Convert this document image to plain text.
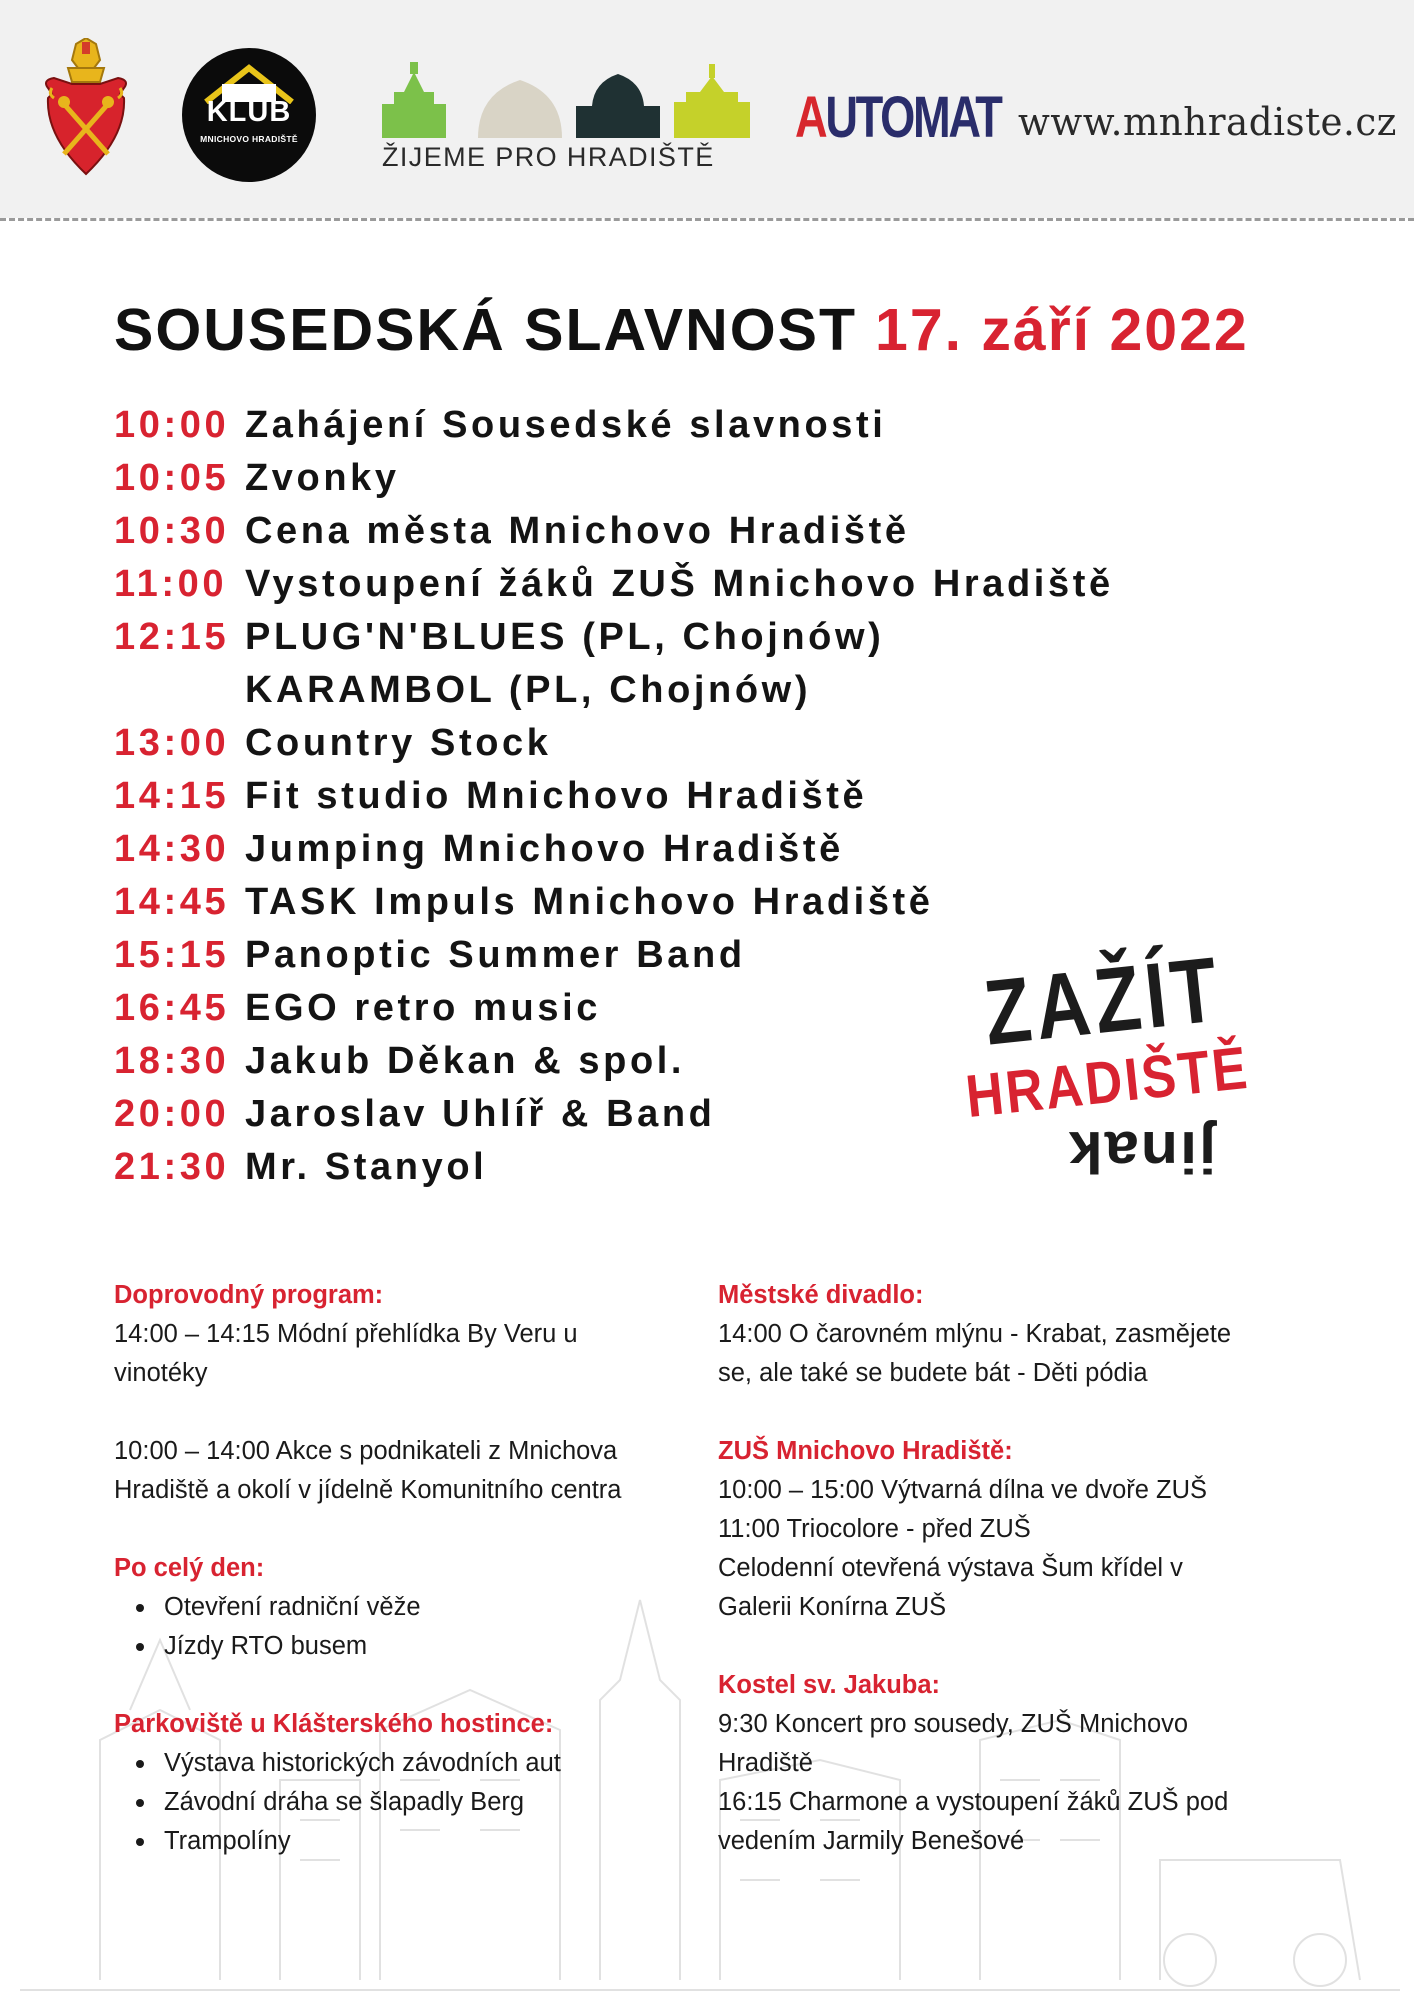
KLUB
MNICHOVO HRADIŠTĚ
ŽIJEME PRO HRADIŠTĚ
AUTOMAT www.mnhradiste.cz
SOUSEDSKÁ SLAVNOST 17. září 2022
10:00 Zahájení Sousedské slavnosti
10:05 Zvonky
10:30 Cena města Mnichovo Hradiště
11:00 Vystoupení žáků ZUŠ Mnichovo Hradiště
12:15 PLUG'N'BLUES (PL, Chojnów)
KARAMBOL (PL, Chojnów)
13:00 Country Stock
14:15 Fit studio Mnichovo Hradiště
14:30 Jumping Mnichovo Hradiště
14:45 TASK Impuls Mnichovo Hradiště
15:15 Panoptic Summer Band
16:45 EGO retro music
18:30 Jakub Děkan & spol.
20:00 Jaroslav Uhlíř & Band
21:30 Mr. Stanyol
ZAŽÍT
HRADIŠTĚ
jinak
Doprovodný program:
14:00 – 14:15 Módní přehlídka By Veru u
vinotéky
10:00 – 14:00 Akce s podnikateli z Mnichova
Hradiště a okolí v jídelně Komunitního centra
Po celý den:
Otevření radniční věže
Jízdy RTO busem
Parkoviště u Klášterského hostince:
Výstava historických závodních aut
Závodní dráha se šlapadly Berg
Trampolíny
Městské divadlo:
14:00 O čarovném mlýnu - Krabat, zasmějete
se, ale také se budete bát - Děti pódia
ZUŠ Mnichovo Hradiště:
10:00 – 15:00 Výtvarná dílna ve dvoře ZUŠ
11:00 Triocolore - před ZUŠ
Celodenní otevřená výstava Šum křídel v
Galerii Konírna ZUŠ
Kostel sv. Jakuba:
9:30 Koncert pro sousedy, ZUŠ Mnichovo
Hradiště
16:15 Charmone a vystoupení žáků ZUŠ pod
vedením Jarmily Benešové
